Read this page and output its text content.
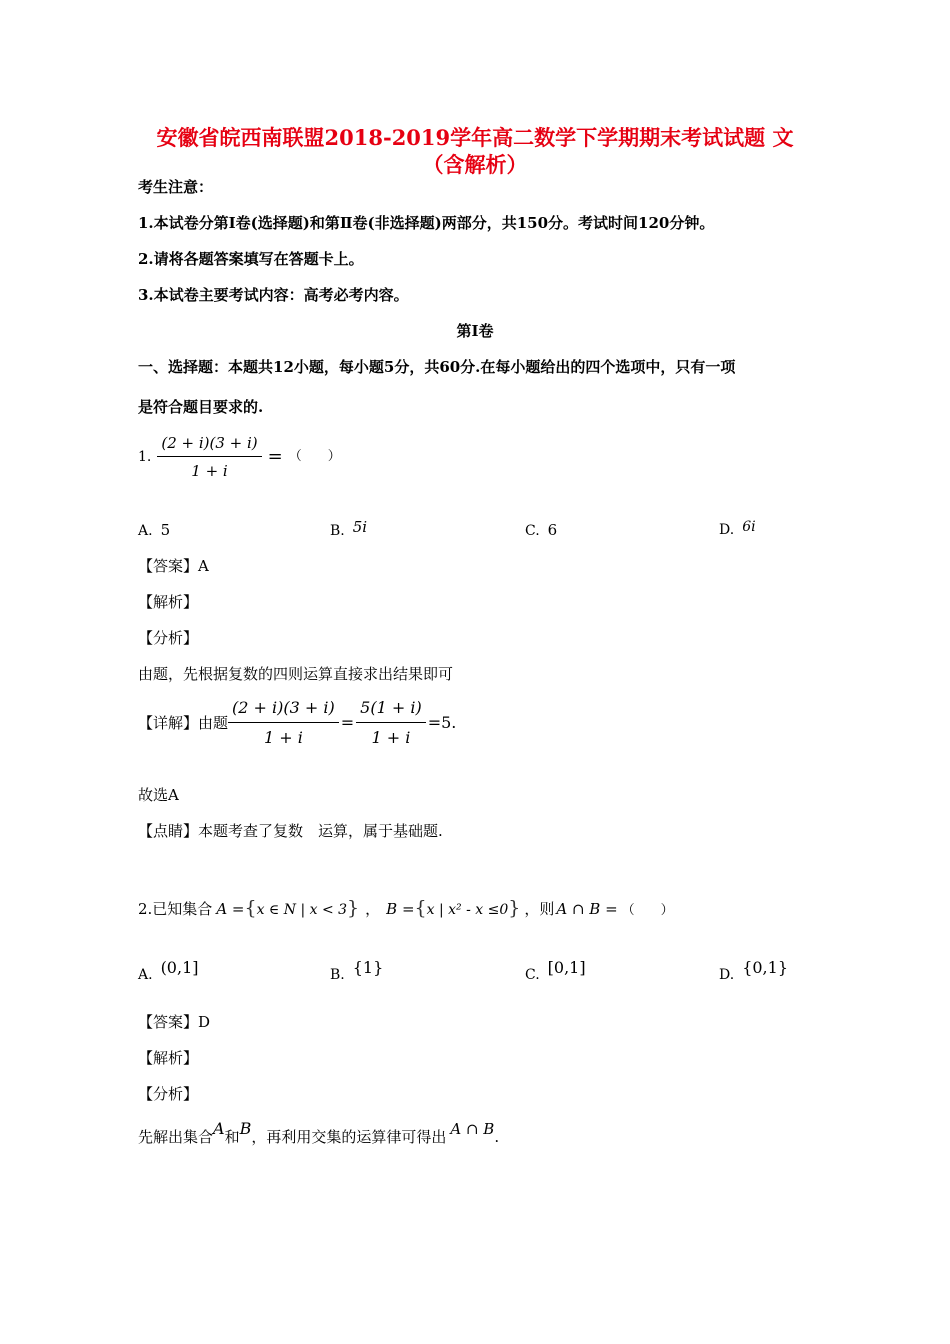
安徽省皖西南联盟2018-2019学年高二数学下学期期末考试试题 文
（含解析）
考生注意：
1.本试卷分第Ⅰ卷(选择题)和第Ⅱ卷(非选择题)两部分，共150分。考试时间120分钟。
2.请将各题答案填写在答题卡上。
3.本试卷主要考试内容：高考必考内容。
第Ⅰ卷
一、选择题：本题共12小题，每小题5分，共60分.在每小题给出的四个选项中，只有一项
是符合题目要求的.
1. $\frac{(2 + i)(3 + i)}{1 + i}$ = （　　）
A. 5	B. 5i	C. 6	D. 6i
【答案】A
【解析】
【分析】
由题，先根据复数的四则运算直接求出结果即可
【详解】由题 $\frac{(2 + i)(3 + i)}{1 + i} = \frac{5(1 + i)}{1 + i} =5$.
故选A
【点睛】本题考查了复数　运算，属于基础题.
2.已知集合 A ={x ∈ N | x < 3} ， B ={x | x² - x ≤0} ，则 A ∩ B = （　　）
A. (0,1]	B. {1}	C. [0,1]	D. {0,1}
【答案】D
【解析】
【分析】
先解出集合A和B，再利用交集的运算律可得出 A ∩ B.
